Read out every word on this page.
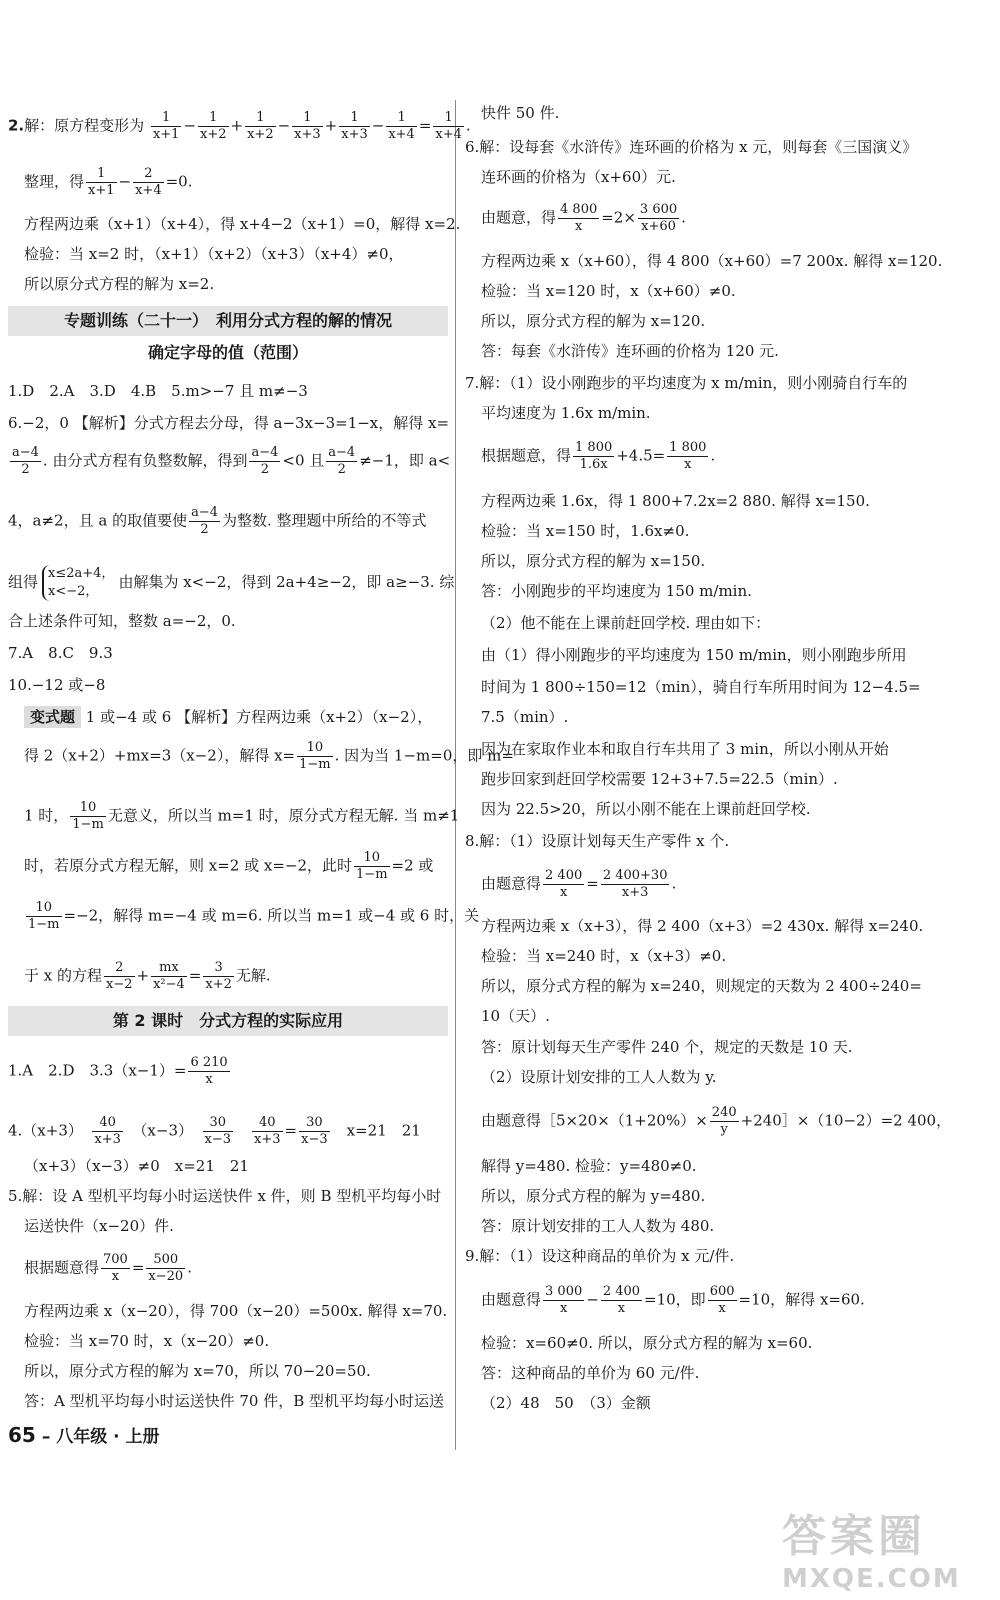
2.解：原方程变形为 $\frac{1}{x+1} - \frac{1}{x+2} + \frac{1}{x+2} - \frac{1}{x+3} + \frac{1}{x+3} - \frac{1}{x+4} = \frac{1}{x+4}$ .
整理，得 $\frac{1}{x+1} - \frac{2}{x+4} =0$.
方程两边乘（x+1）（x+4），得 x+4−2（x+1）=0，解得 x=2.
检验：当 x=2 时，（x+1）（x+2）（x+3）（x+4）≠0，
所以原分式方程的解为 x=2.
专题训练（二十一）　利用分式方程的解的情况
确定字母的值（范围）
1.D　2.A　3.D　4.B　5.m>−7 且 m≠−3
6.−2，0 【解析】分式方程去分母，得 a−3x−3=1−x，解得 x=
$\frac{a-4}{2}$ . 由分式方程有负整数解，得到 $\frac{a-4}{2} <0$ 且 $\frac{a-4}{2} \ne-1$，即 a<
4，a≠2，且 a 的取值要使 $\frac{a-4}{2}$ 为整数. 整理题中所给的不等式
组得 x≤2a+4，
x<−2，
由解集为 x<−2，得到 2a+4≥−2，即 a≥−3. 综
合上述条件可知，整数 a=−2，0.
7.A　8.C　9.3
10.−12 或−8
变式题 1 或−4 或 6 【解析】方程两边乘（x+2）（x−2），
得 2（x+2）+mx=3（x−2），解得 $x= \frac{10}{1-m}$ . 因为当 1−m=0，即 m=
1 时， $\frac{10}{1-m}$ 无意义，所以当 m=1 时，原分式方程无解. 当 m≠1
时，若原分式方程无解，则 x=2 或 x=−2，此时 $\frac{10}{1-m} =2$ 或
$\frac{10}{1-m} =-2$，解得 m=−4 或 m=6. 所以当 m=1 或−4 或 6 时，关
于 x 的方程 $\frac{2}{x-2} + \frac{mx}{\text{x²−4}} = \frac{3}{x+2}$ 无解.
第 2 课时　分式方程的实际应用
1.A　2.D　$3.3(x-1)= \frac{6 210}{x}$
4.（x+3）　 $\frac{40}{x+3}$
　 （x−3）　 $\frac{30}{x-3}$
　 $\frac{40}{x+3} = \frac{30}{x-3}$
　 x=21　21
（x+3）（x−3）≠0　x=21　21
5.解：设 A 型机平均每小时运送快件 x 件，则 B 型机平均每小时
运送快件（x−20）件.
根据题意得 $\frac{700}{x} = \frac{500}{x-20}$ .
方程两边乘 x（x−20），得 700（x−20）=500x. 解得 x=70.
检验：当 x=70 时，x（x−20）≠0.
所以，原分式方程的解为 x=70，所以 70−20=50.
答：A 型机平均每小时运送快件 70 件，B 型机平均每小时运送
快件 50 件.
6.解：设每套《水浒传》连环画的价格为 x 元，则每套《三国演义》
连环画的价格为（x+60）元.
由题意，得 $\frac{4 800}{x} =2\times \frac{3 600}{x+60}$ .
方程两边乘 x（x+60），得 4 800（x+60）=7 200x. 解得 x=120.
检验：当 x=120 时，x（x+60）≠0.
所以，原分式方程的解为 x=120.
答：每套《水浒传》连环画的价格为 120 元.
7.解：（1）设小刚跑步的平均速度为 x m/min，则小刚骑自行车的
平均速度为 1.6x m/min.
根据题意，得 $\frac{1 800}{1.6x} +4.5= \frac{1 800}{x}$ .
方程两边乘 1.6x，得 1 800+7.2x=2 880. 解得 x=150.
检验：当 x=150 时，1.6x≠0.
所以，原分式方程的解为 x=150.
答：小刚跑步的平均速度为 150 m/min.
（2）他不能在上课前赶回学校. 理由如下：
由（1）得小刚跑步的平均速度为 150 m/min，则小刚跑步所用
时间为 1 800÷150=12（min），骑自行车所用时间为 12−4.5=
7.5（min）.
因为在家取作业本和取自行车共用了 3 min，所以小刚从开始
跑步回家到赶回学校需要 12+3+7.5=22.5（min）.
因为 22.5>20，所以小刚不能在上课前赶回学校.
8.解：（1）设原计划每天生产零件 x 个.
由题意得 $\frac{2 400}{x} = \frac{2 400+30}{x+3}$ .
方程两边乘 x（x+3），得 2 400（x+3）=2 430x. 解得 x=240.
检验：当 x=240 时，x（x+3）≠0.
所以，原分式方程的解为 x=240，则规定的天数为 2 400÷240=
10（天）.
答：原计划每天生产零件 240 个，规定的天数是 10 天.
（2）设原计划安排的工人人数为 y.
由题意得［5×20×（1+20%）× $\frac{240}{y}$ +240］×（10−2）=2 400，
解得 y=480. 检验：y=480≠0.
所以，原分式方程的解为 y=480.
答：原计划安排的工人人数为 480.
9.解：（1）设这种商品的单价为 x 元/件.
由题意得 $\frac{3 000}{x} - \frac{2 400}{x} =10$，即 $\frac{600}{x} =10$，解得 x=60.
检验：x=60≠0. 所以，原分式方程的解为 x=60.
答：这种商品的单价为 60 元/件.
（2）48　50　（3）金额
65 – 八年级 · 上册
答案圈
MXQE.COM
